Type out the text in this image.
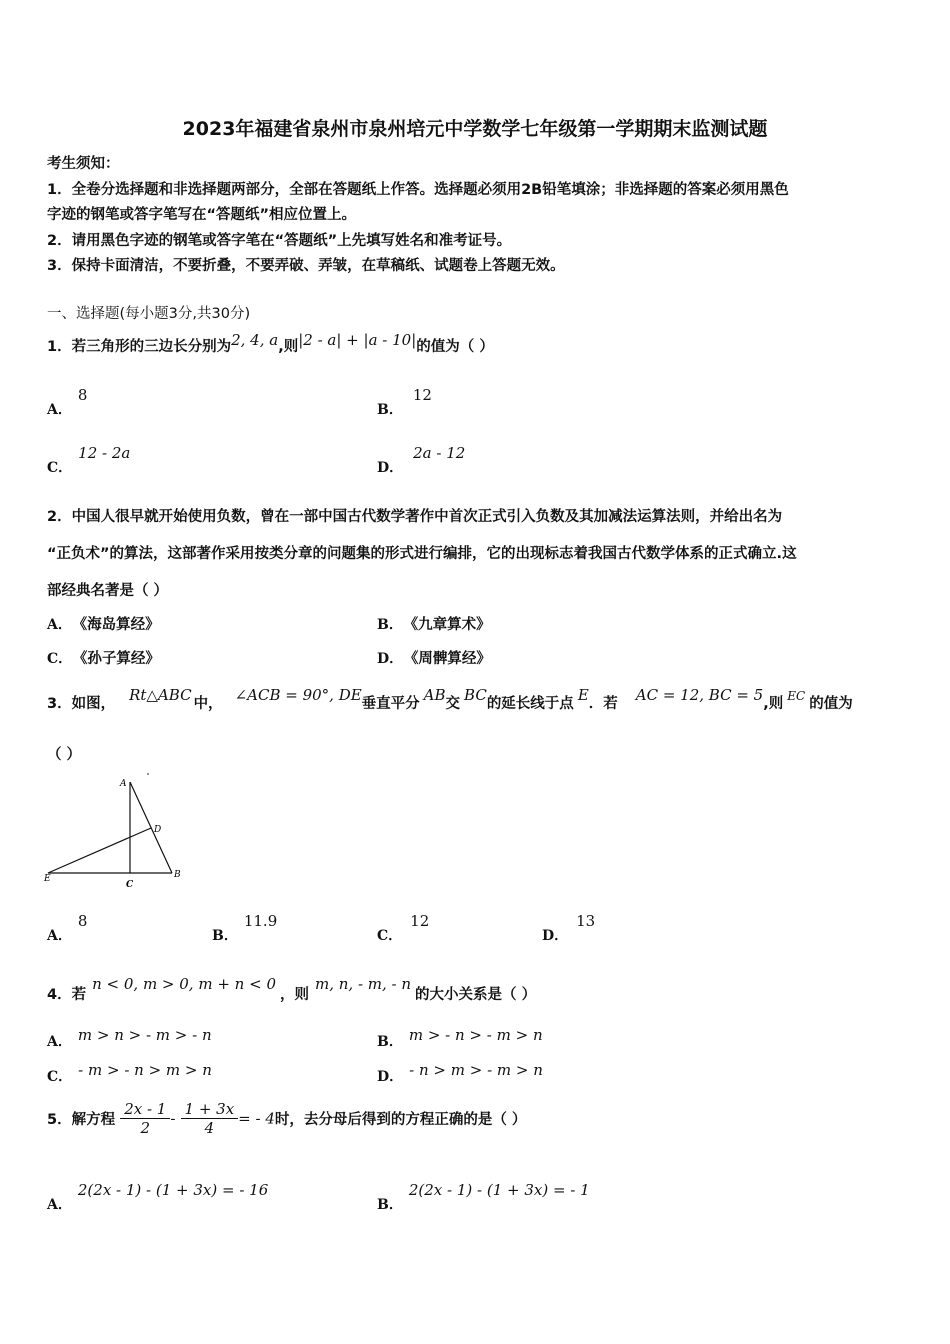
2023年福建省泉州市泉州培元中学数学七年级第一学期期末监测试题
考生须知：
1．全卷分选择题和非选择题两部分，全部在答题纸上作答。选择题必须用2B铅笔填涂；非选择题的答案必须用黑色
字迹的钢笔或答字笔写在“答题纸”相应位置上。
2．请用黑色字迹的钢笔或答字笔在“答题纸”上先填写姓名和准考证号。
3．保持卡面清洁，不要折叠，不要弄破、弄皱，在草稿纸、试题卷上答题无效。
一、选择题(每小题3分,共30分)
1．若三角形的三边长分别为2, 4, a,则|2 - a| + |a - 10|的值为（ ）
A．8
B．12
C．12 - 2a
D．2a - 12
2．中国人很早就开始使用负数，曾在一部中国古代数学著作中首次正式引入负数及其加减法运算法则，并给出名为
“正负术”的算法，这部著作采用按类分章的问题集的形式进行编排，它的出现标志着我国古代数学体系的正式确立.这
部经典名著是（ ）
A． 《海岛算经》	B． 《九章算术》
C． 《孙子算经》	D． 《周髀算经》
3．如图， Rt△ABC 中， ∠ACB = 90°, DE垂直平分 AB交 BC的延长线于点 E．若 AC = 12, BC = 5,则 $^{EC}$ 的值为
（ ）
A
D
E
C
B
A．8
B．11.9
C．12
D．13
4．若n < 0, m > 0, m + n < 0，则m, n, - m, - n的大小关系是（ ）
A． m > n > - m > - n	B． m > - n > - m > n
C． - m > - n > m > n	D． - n > m > - m > n
5．解方程 $\frac{2x - 1}{2} - \frac{1 + 3x}{4}$ = - 4时，去分母后得到的方程正确的是（ ）
A．2(2x - 1) - (1 + 3x) = - 16
B．2(2x - 1) - (1 + 3x) = - 1
